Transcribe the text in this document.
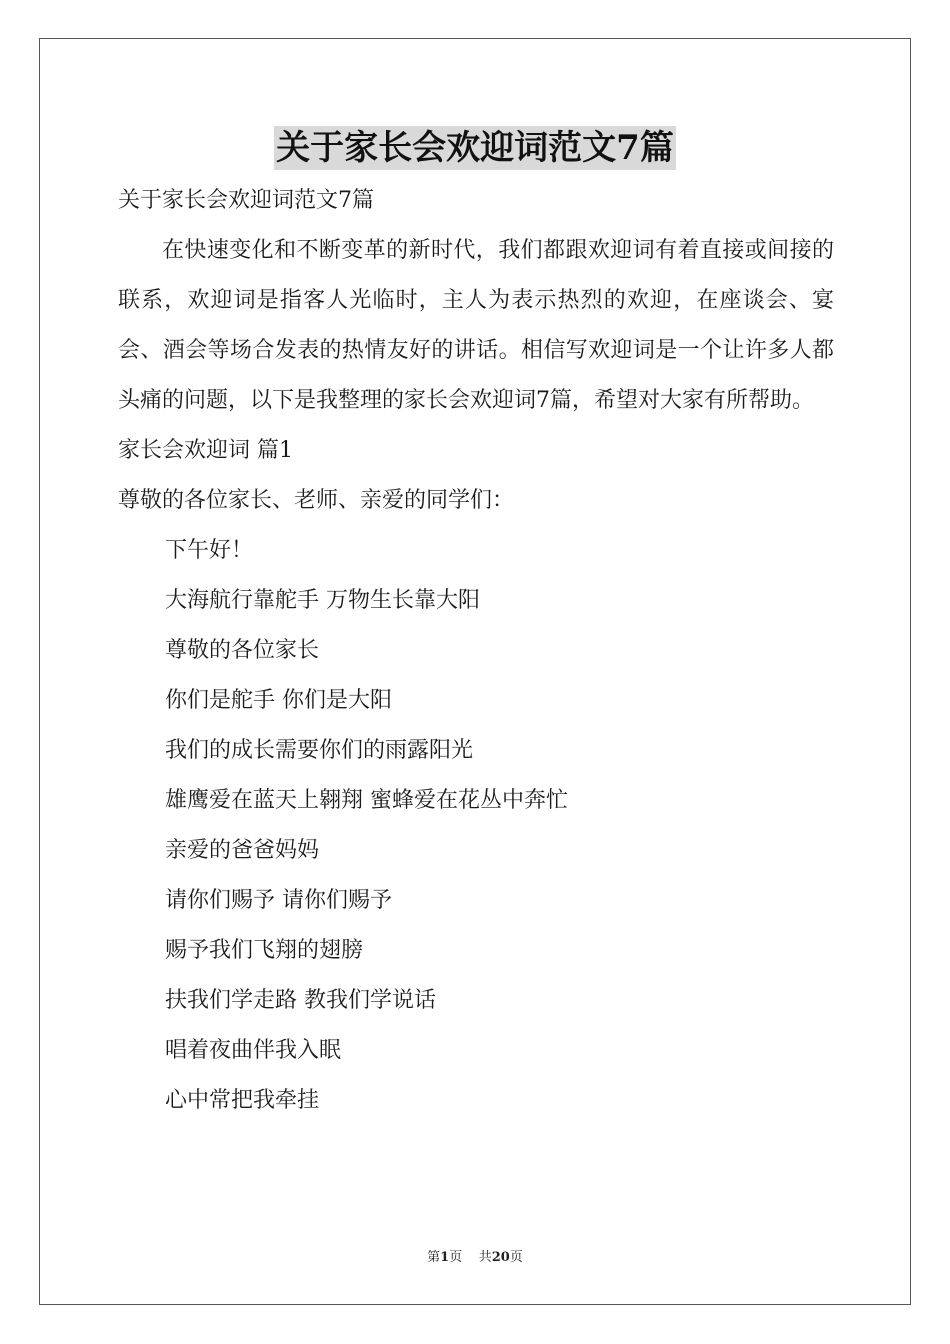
关于家长会欢迎词范文7篇
关于家长会欢迎词范文7篇

在快速变化和不断变革的新时代，我们都跟欢迎词有着直接或间接的联系，欢迎词是指客人光临时，主人为表示热烈的欢迎，在座谈会、宴会、酒会等场合发表的热情友好的讲话。相信写欢迎词是一个让许多人都头痛的问题，以下是我整理的家长会欢迎词7篇，希望对大家有所帮助。

家长会欢迎词 篇1
尊敬的各位家长、老师、亲爱的同学们：
下午好！
大海航行靠舵手 万物生长靠大阳
尊敬的各位家长
你们是舵手 你们是大阳
我们的成长需要你们的雨露阳光
雄鹰爱在蓝天上翱翔 蜜蜂爱在花丛中奔忙
亲爱的爸爸妈妈
请你们赐予 请你们赐予
赐予我们飞翔的翅膀
扶我们学走路 教我们学说话
唱着夜曲伴我入眠
心中常把我牵挂
第1页 共20页
